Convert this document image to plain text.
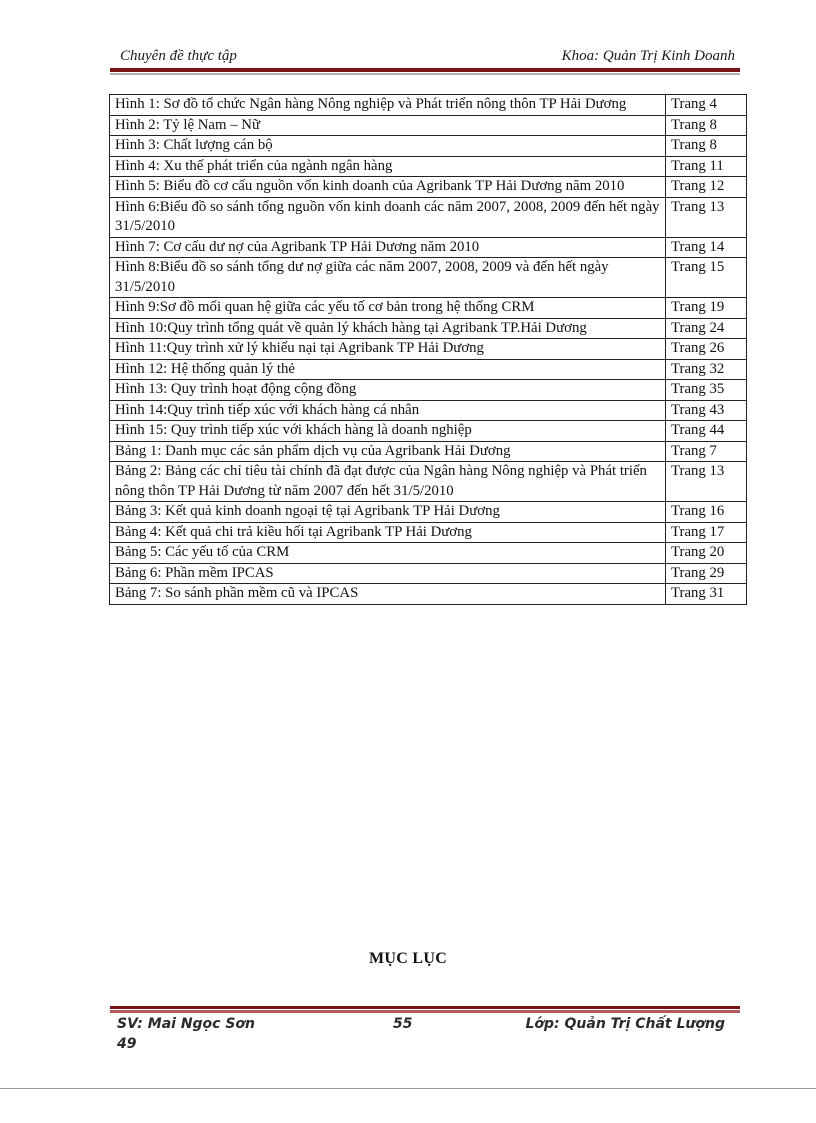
Chuyên đề thực tập	Khoa: Quản Trị Kinh Doanh
Hình 1: Sơ đồ tổ chức Ngân hàng Nông nghiệp và Phát triển nông thôn TP Hải Dương	Trang 4
Hình 2: Tỷ lệ Nam – Nữ	Trang 8
Hình 3: Chất lượng cán bộ	Trang 8
Hình 4: Xu thế phát triển của ngành ngân hàng	Trang 11
Hình 5: Biểu đồ cơ cấu nguồn vốn kinh doanh của Agribank TP Hải Dương năm 2010	Trang 12
Hình 6:Biểu đồ so sánh tổng nguồn vốn kinh doanh các năm 2007, 2008, 2009 đến hết ngày 31/5/2010	Trang 13
Hình 7: Cơ cấu dư nợ của Agribank TP Hải Dương năm 2010	Trang 14
Hình 8:Biểu đồ so sánh tổng dư nợ giữa các năm 2007, 2008, 2009 và đến hết ngày 31/5/2010	Trang 15
Hình 9:Sơ đồ mối quan hệ giữa các yếu tố cơ bản trong hệ thống CRM	Trang 19
Hình 10:Quy trình tổng quát về quản lý khách hàng tại Agribank TP.Hải Dương	Trang 24
Hình 11:Quy trình xử lý khiếu nại tại Agribank TP Hải Dương	Trang 26
Hình 12: Hệ thống quản lý thẻ	Trang 32
Hình 13: Quy trình hoạt động cộng đồng	Trang 35
Hình 14:Quy trình tiếp xúc với khách hàng cá nhân	Trang 43
Hình 15: Quy trình tiếp xúc với khách hàng là doanh nghiệp	Trang 44
Bảng 1: Danh mục các sản phẩm dịch vụ của Agribank Hải Dương	Trang 7
Bảng 2: Bảng các chỉ tiêu tài chính đã đạt được của Ngân hàng Nông nghiệp và Phát triển nông thôn TP Hải Dương từ năm 2007 đến hết 31/5/2010	Trang 13
Bảng 3: Kết quả kinh doanh ngoại tệ tại Agribank TP Hải Dương	Trang 16
Bảng 4: Kết quả chi trả kiều hối tại Agribank TP Hải Dương	Trang 17
Bảng 5: Các yếu tố của CRM	Trang 20
Bảng 6: Phần mềm IPCAS	Trang 29
Bảng 7: So sánh phần mềm cũ và IPCAS	Trang 31
MỤC LỤC
SV: Mai Ngọc Sơn
49
55	Lớp: Quản Trị Chất Lượng
